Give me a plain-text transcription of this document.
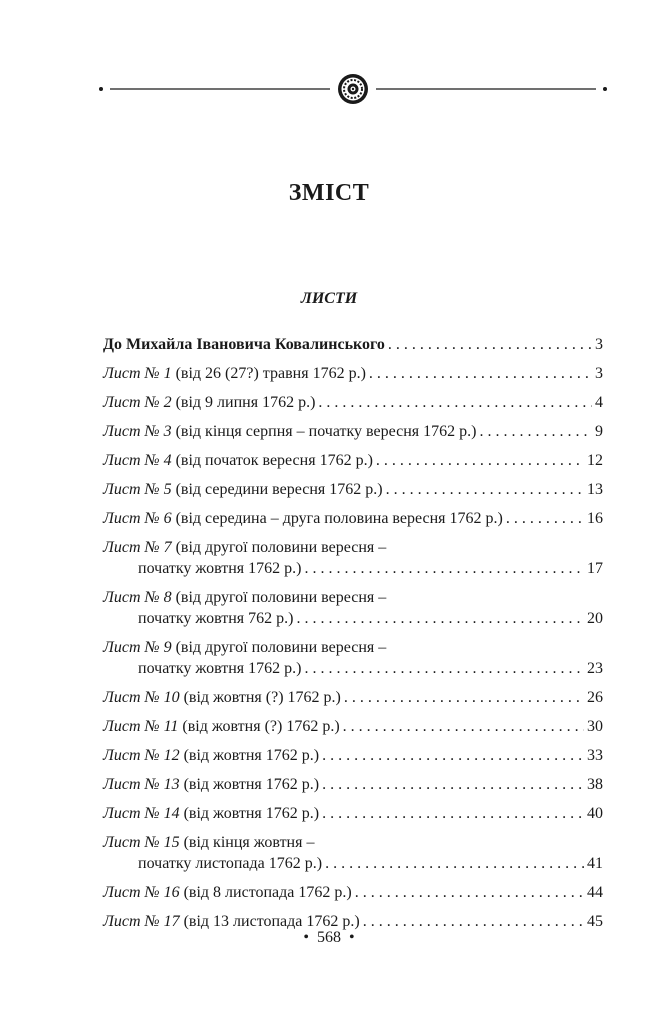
ЗМІСТ
ЛИСТИ
До Михайла Івановича Ковалинського . . .	3
Лист № 1 (від 26 (27?) травня 1762 р.) . . .	3
Лист № 2 (від 9 липня 1762 р.) . . .	4
Лист № 3 (від кінця серпня – початку вересня 1762 р.) . . .	9
Лист № 4 (від початок вересня 1762 р.) . . .	12
Лист № 5 (від середини вересня 1762 р.) . . .	13
Лист № 6 (від середина – друга половина вересня 1762 р.) . . .	16
Лист № 7 (від другої половини вересня –
початку жовтня 1762 р.) . . .	17
Лист № 8 (від другої половини вересня –
початку жовтня 762 р.) . . .	20
Лист № 9 (від другої половини вересня –
початку жовтня 1762 р.) . . .	23
Лист № 10 (від жовтня (?) 1762 р.) . . .	26
Лист № 11 (від жовтня (?) 1762 р.) . . .	30
Лист № 12 (від жовтня 1762 р.) . . .	33
Лист № 13 (від жовтня 1762 р.) . . .	38
Лист № 14 (від жовтня 1762 р.) . . .	40
Лист № 15 (від кінця жовтня –
початку листопада 1762 р.) . . .	41
Лист № 16 (від 8 листопада 1762 р.) . . .	44
Лист № 17 (від 13 листопада 1762 р.) . . .	45
• 568 •
